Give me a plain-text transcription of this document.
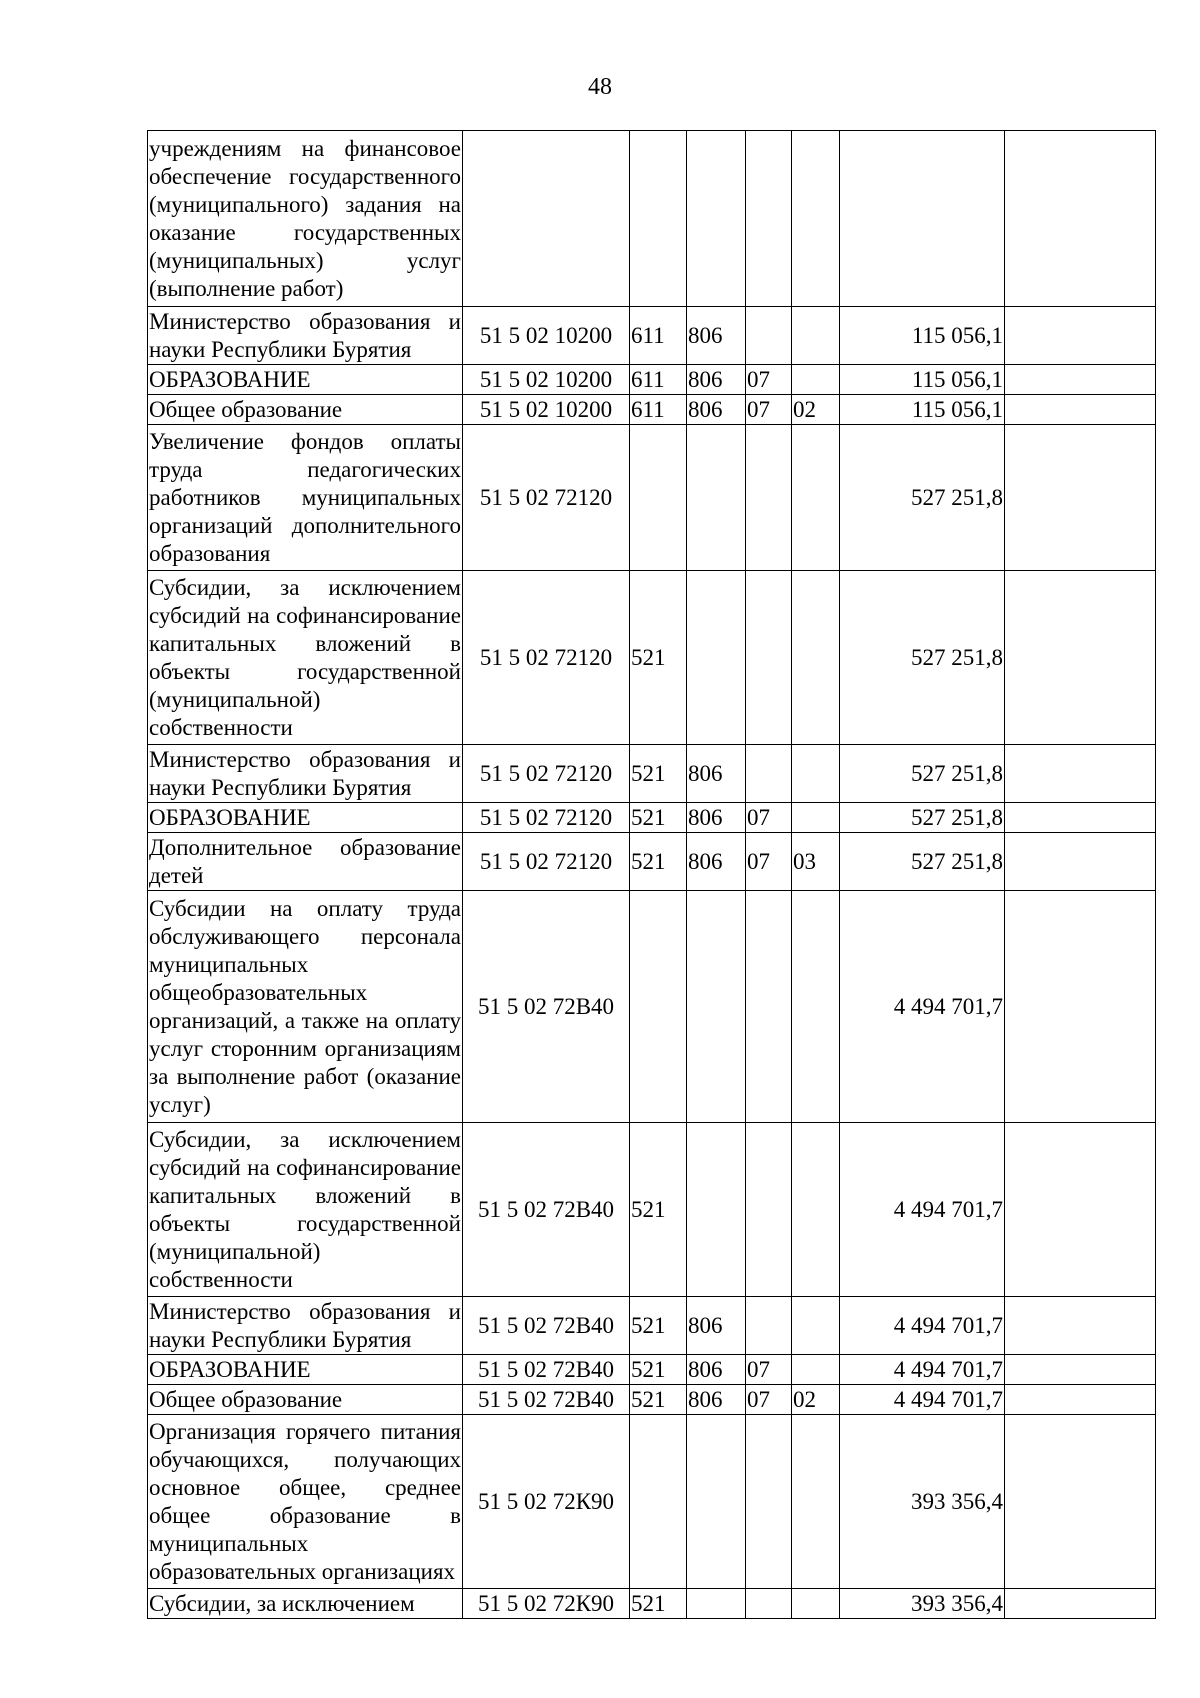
48
учреждениям на финансовое обеспечение государственного (муниципального) задания на оказание государственных (муниципальных) услуг (выполнение работ)							
Министерство образования и науки Республики Бурятия	51 5 02 10200	611	806			115 056,1	
ОБРАЗОВАНИЕ	51 5 02 10200	611	806	07		115 056,1	
Общее образование	51 5 02 10200	611	806	07	02	115 056,1	
Увеличение фондов оплаты труда педагогических работников муниципальных организаций дополнительного образования	51 5 02 72120					527 251,8	
Субсидии, за исключением субсидий на софинансирование капитальных вложений в объекты государственной (муниципальной) собственности	51 5 02 72120	521				527 251,8	
Министерство образования и науки Республики Бурятия	51 5 02 72120	521	806			527 251,8	
ОБРАЗОВАНИЕ	51 5 02 72120	521	806	07		527 251,8	
Дополнительное образование детей	51 5 02 72120	521	806	07	03	527 251,8	
Субсидии на оплату труда обслуживающего персонала муниципальных общеобразовательных организаций, а также на оплату услуг сторонним организациям за выполнение работ (оказание услуг)	51 5 02 72В40					4 494 701,7	
Субсидии, за исключением субсидий на софинансирование капитальных вложений в объекты государственной (муниципальной) собственности	51 5 02 72В40	521				4 494 701,7	
Министерство образования и науки Республики Бурятия	51 5 02 72В40	521	806			4 494 701,7	
ОБРАЗОВАНИЕ	51 5 02 72В40	521	806	07		4 494 701,7	
Общее образование	51 5 02 72В40	521	806	07	02	4 494 701,7	
Организация горячего питания обучающихся, получающих основное общее, среднее общее образование в муниципальных образовательных организациях	51 5 02 72К90					393 356,4	
Субсидии, за исключением	51 5 02 72К90	521				393 356,4	
